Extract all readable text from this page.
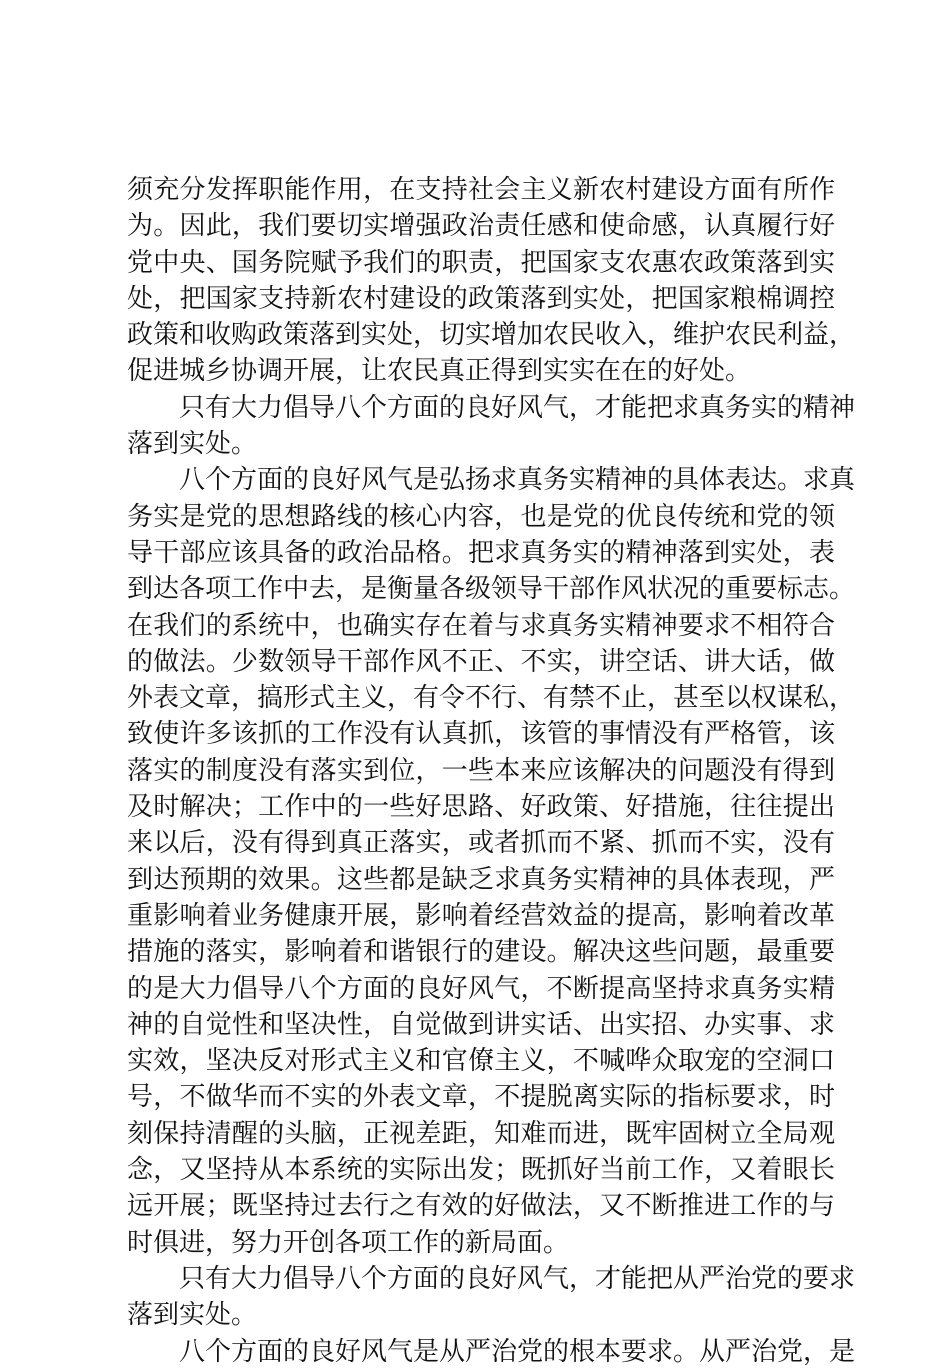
须充分发挥职能作用，在支持社会主义新农村建设方面有所作
为。因此，我们要切实增强政治责任感和使命感，认真履行好
党中央、国务院赋予我们的职责，把国家支农惠农政策落到实
处，把国家支持新农村建设的政策落到实处，把国家粮棉调控
政策和收购政策落到实处，切实增加农民收入，维护农民利益，
促进城乡协调开展，让农民真正得到实实在在的好处。
只有大力倡导八个方面的良好风气，才能把求真务实的精神
落到实处。
八个方面的良好风气是弘扬求真务实精神的具体表达。求真
务实是党的思想路线的核心内容，也是党的优良传统和党的领
导干部应该具备的政治品格。把求真务实的精神落到实处，表
到达各项工作中去，是衡量各级领导干部作风状况的重要标志。
在我们的系统中，也确实存在着与求真务实精神要求不相符合
的做法。少数领导干部作风不正、不实，讲空话、讲大话，做
外表文章，搞形式主义，有令不行、有禁不止，甚至以权谋私，
致使许多该抓的工作没有认真抓，该管的事情没有严格管，该
落实的制度没有落实到位，一些本来应该解决的问题没有得到
及时解决；工作中的一些好思路、好政策、好措施，往往提出
来以后，没有得到真正落实，或者抓而不紧、抓而不实，没有
到达预期的效果。这些都是缺乏求真务实精神的具体表现，严
重影响着业务健康开展，影响着经营效益的提高，影响着改革
措施的落实，影响着和谐银行的建设。解决这些问题，最重要
的是大力倡导八个方面的良好风气，不断提高坚持求真务实精
神的自觉性和坚决性，自觉做到讲实话、出实招、办实事、求
实效，坚决反对形式主义和官僚主义，不喊哗众取宠的空洞口
号，不做华而不实的外表文章，不提脱离实际的指标要求，时
刻保持清醒的头脑，正视差距，知难而进，既牢固树立全局观
念，又坚持从本系统的实际出发；既抓好当前工作，又着眼长
远开展；既坚持过去行之有效的好做法，又不断推进工作的与
时俱进，努力开创各项工作的新局面。
只有大力倡导八个方面的良好风气，才能把从严治党的要求
落到实处。
八个方面的良好风气是从严治党的根本要求。从严治党，是
